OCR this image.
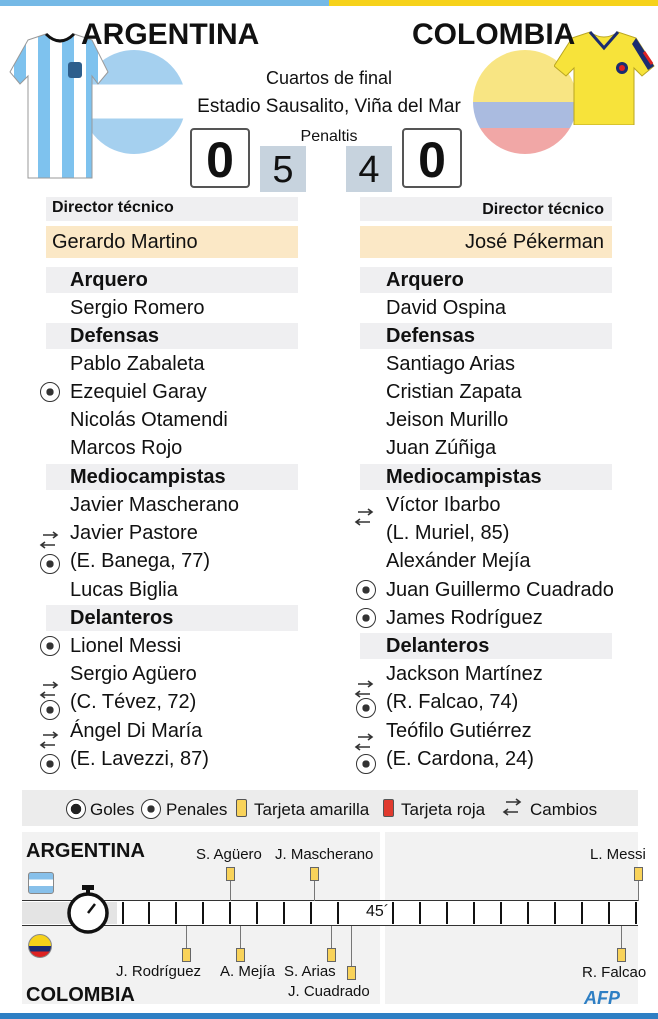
ARGENTINA	COLOMBIA
Cuartos de final
Estadio Sausalito, Viña del Mar
Penaltis
0	5	4 0
Director técnico
Gerardo Martino
Arquero
Sergio Romero
Defensas
Pablo Zabaleta
Ezequiel Garay
Nicolás Otamendi
Marcos Rojo
Mediocampistas
Javier Mascherano
Javier Pastore
(E. Banega, 77)
Lucas Biglia
Delanteros
Lionel Messi
Sergio Agüero
(C. Tévez, 72)
Ángel Di María
(E. Lavezzi, 87)
Director técnico
José Pékerman
Arquero
David Ospina
Defensas
Santiago Arias
Cristian Zapata
Jeison Murillo
Juan Zúñiga
Mediocampistas
Víctor Ibarbo
(L. Muriel, 85)
Alexánder Mejía
Juan Guillermo Cuadrado
James Rodríguez
Delanteros
Jackson Martínez
(R. Falcao, 74)
Teófilo Gutiérrez
(E. Cardona, 24)
Goles Penales Tarjeta amarilla Tarjeta roja	Cambios
ARGENTINA
45´
S. Agüero J. Mascherano	L. Messi
J. Rodríguez A. Mejía S. Arias
J. Cuadrado
R. Falcao
COLOMBIA	AFP
